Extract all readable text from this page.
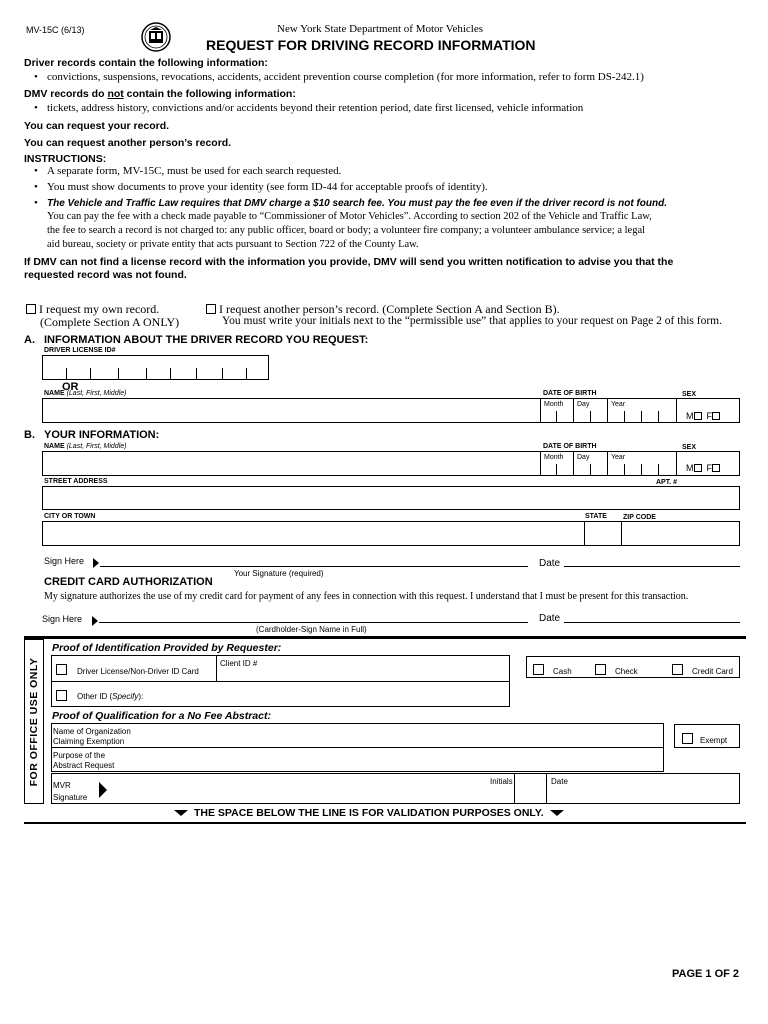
MV-15C (6/13)	New York State Department of Motor Vehicles
REQUEST FOR DRIVING RECORD INFORMATION
Driver records contain the following information:
• convictions, suspensions, revocations, accidents, accident prevention course completion (for more information, refer to form DS-242.1)
DMV records do not contain the following information:
• tickets, address history, convictions and/or accidents beyond their retention period, date first licensed, vehicle information
You can request your record.
You can request another person’s record.
INSTRUCTIONS:
• A separate form, MV-15C, must be used for each search requested.
• You must show documents to prove your identity (see form ID-44 for acceptable proofs of identity).
• The Vehicle and Traffic Law requires that DMV charge a $10 search fee. You must pay the fee even if the driver record is not found.
You can pay the fee with a check made payable to “Commissioner of Motor Vehicles”. According to section 202 of the Vehicle and Traffic Law,
the fee to search a record is not charged to: any public officer, board or body; a volunteer fire company; a volunteer ambulance service; a legal
aid bureau, society or private entity that acts pursuant to Section 722 of the County Law.
If DMV can not find a license record with the information you provide, DMV will send you written notification to advise you that the
requested record was not found.
I request my own record.
(Complete Section A ONLY)
I request another person’s record. (Complete Section A and Section B).
You must write your initials next to the “permissible use” that applies to your request on Page 2 of this form.
A. INFORMATION ABOUT THE DRIVER RECORD YOU REQUEST:
DRIVER LICENSE ID#
OR
NAME (Last, First, Middle)	DATE OF BIRTH	SEX
Month Day	Year
M F
B. YOUR INFORMATION:
NAME (Last, First, Middle)	DATE OF BIRTH	SEX
Month Day	Year
M F
STREET ADDRESS	APT. #
CITY OR TOWN	STATE ZIP CODE
Sign Here	Date
Your Signature (required)
CREDIT CARD AUTHORIZATION
My signature authorizes the use of my credit card for payment of any fees in connection with this request. I understand that I must be present for this transaction.
Sign Here	Date
(Cardholder-Sign Name in Full)
FOR OFFICE USE ONLY
Proof of Identification Provided by Requester:
Driver License/Non-Driver ID Card
Client ID #
Other ID (Specify):
Cash	Check	Credit Card
Proof of Qualification for a No Fee Abstract:
Name of Organization
Claiming Exemption
Purpose of the
Abstract Request
Exempt
MVR
Signature
Initials	Date
THE SPACE BELOW THE LINE IS FOR VALIDATION PURPOSES ONLY.
PAGE 1 OF 2
